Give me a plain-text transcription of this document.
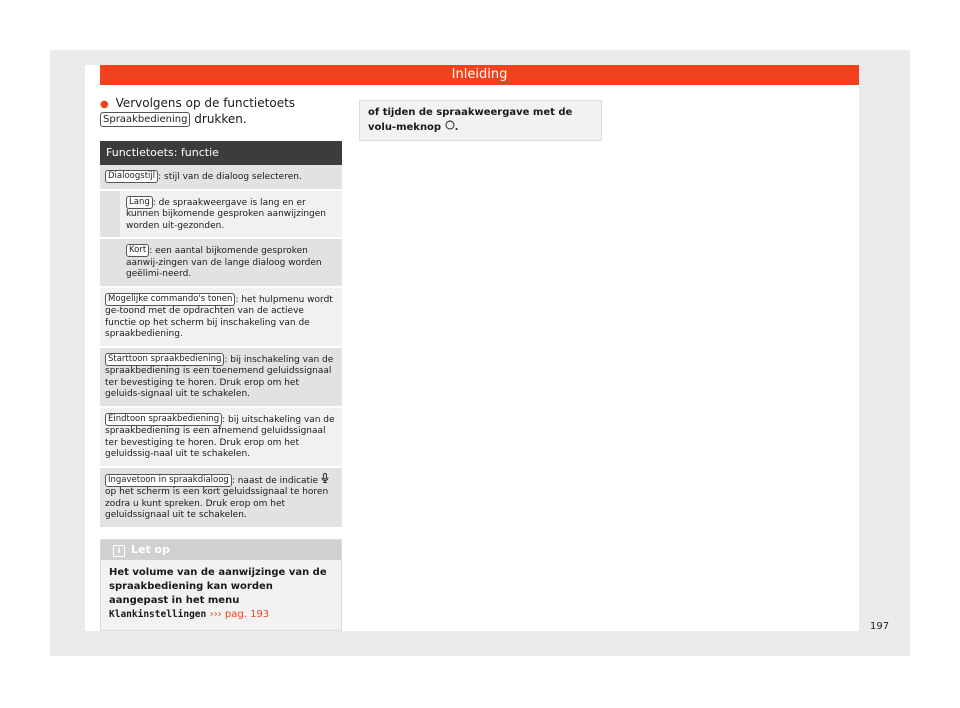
Inleiding
● Vervolgens op de functietoets
Spraakbediening drukken.
Functietoets: functie
Dialoogstijl : stijl van de dialoog selecteren.
Lang : de spraakweergave is lang en er kunnen bijkomende gesproken aanwijzingen worden uit-gezonden.
Kort : een aantal bijkomende gesproken aanwij-zingen van de lange dialoog worden geëlimi-neerd.
Mogelijke commando's tonen : het hulpmenu wordt ge-toond met de opdrachten van de actieve functie op het scherm bij inschakeling van de spraakbediening.
Starttoon spraakbediening : bij inschakeling van de spraakbediening is een toenemend geluidssignaal ter bevestiging te horen. Druk erop om het geluids-signaal uit te schakelen.
Eindtoon spraakbediening : bij uitschakeling van de spraakbediening is een afnemend geluidssignaal ter bevestiging te horen. Druk erop om het geluidssig-naal uit te schakelen.
Ingavetoon in spraakdialoog : naast de indicatie  op het scherm is een kort geluidssignaal te horen zodra u kunt spreken. Druk erop om het geluidssignaal uit te schakelen.
i Let op
Het volume van de aanwijzinge van de spraakbediening kan worden aangepast in het menu Klankinstellingen ››› pag. 193
of tijden de spraakweergave met de volu-meknop .
197
